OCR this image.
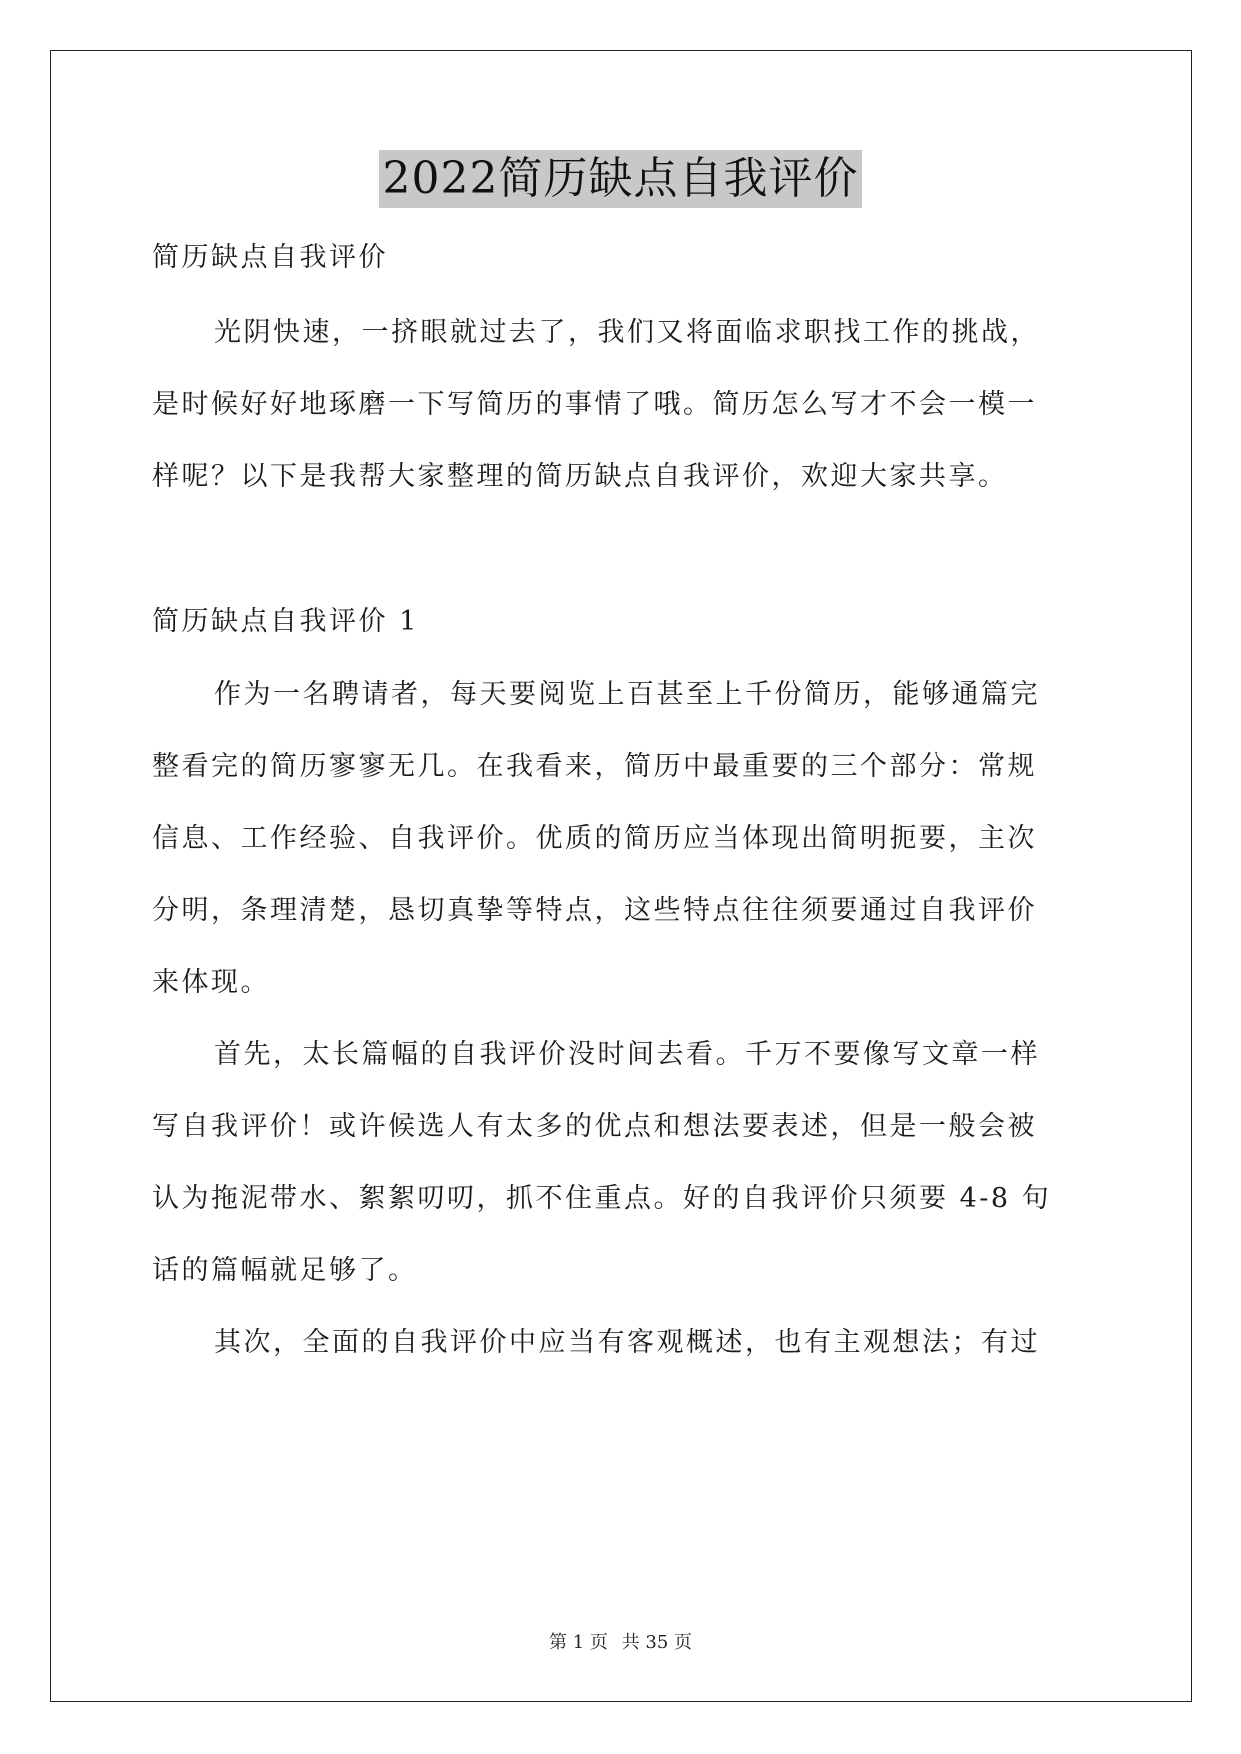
2022简历缺点自我评价
简历缺点自我评价
光阴快速，一挤眼就过去了，我们又将面临求职找工作的挑战，
是时候好好地琢磨一下写简历的事情了哦。简历怎么写才不会一模一
样呢？以下是我帮大家整理的简历缺点自我评价，欢迎大家共享。
简历缺点自我评价 1
作为一名聘请者，每天要阅览上百甚至上千份简历，能够通篇完
整看完的简历寥寥无几。在我看来，简历中最重要的三个部分：常规
信息、工作经验、自我评价。优质的简历应当体现出简明扼要，主次
分明，条理清楚，恳切真挚等特点，这些特点往往须要通过自我评价
来体现。
首先，太长篇幅的自我评价没时间去看。千万不要像写文章一样
写自我评价！或许候选人有太多的优点和想法要表述，但是一般会被
认为拖泥带水、絮絮叨叨，抓不住重点。好的自我评价只须要 4-8 句
话的篇幅就足够了。
其次，全面的自我评价中应当有客观概述，也有主观想法；有过
第 1 页 共 35 页
